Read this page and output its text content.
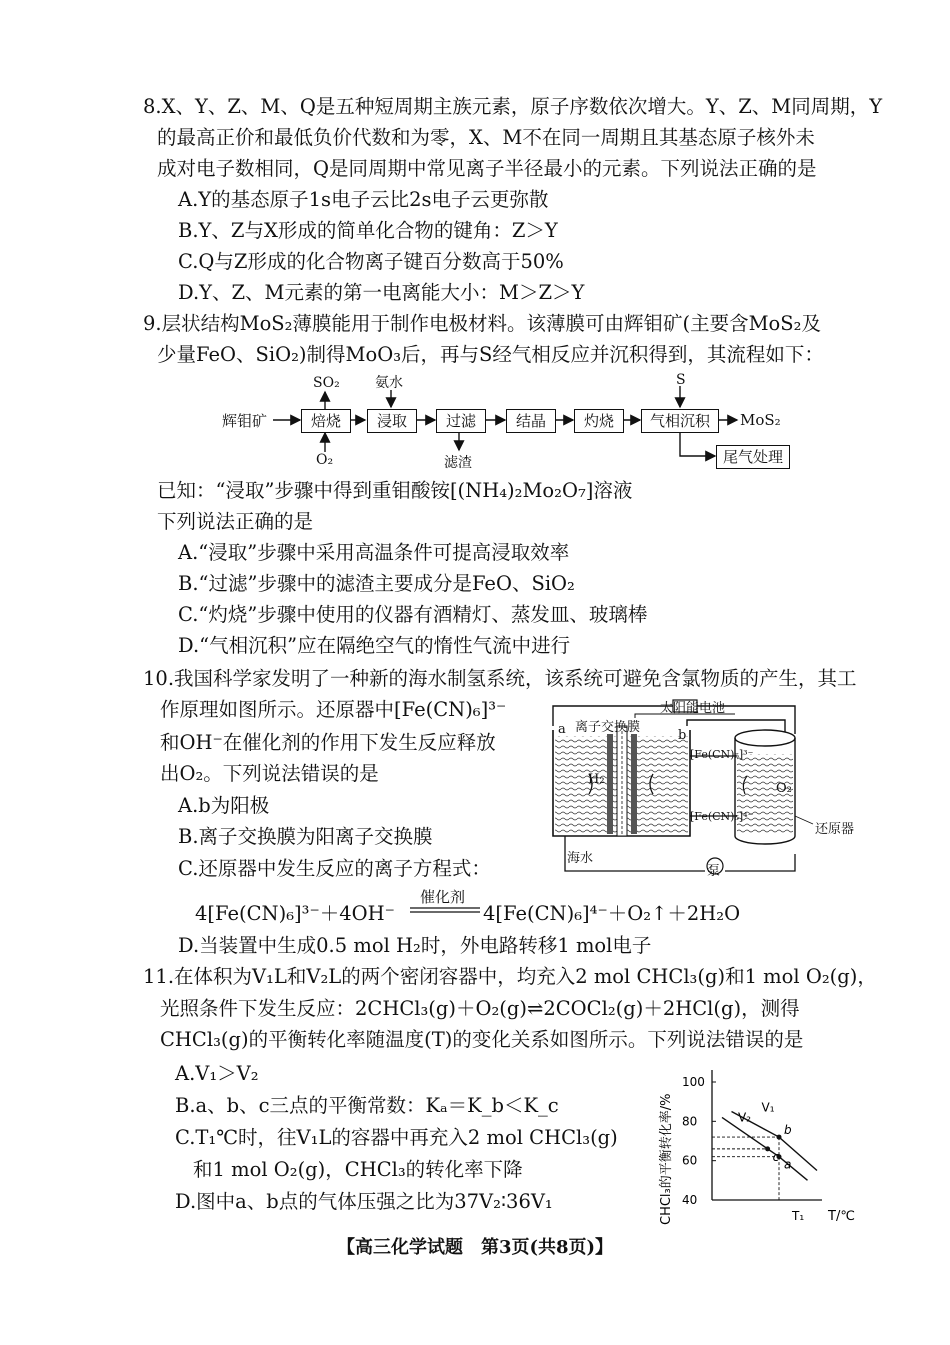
8.X、Y、Z、M、Q是五种短周期主族元素，原子序数依次增大。Y、Z、M同周期，Y
的最高正价和最低负价代数和为零，X、M不在同一周期且其基态原子核外未
成对电子数相同，Q是同周期中常见离子半径最小的元素。下列说法正确的是
A.Y的基态原子1s电子云比2s电子云更弥散
B.Y、Z与X形成的简单化合物的键角：Z＞Y
C.Q与Z形成的化合物离子键百分数高于50%
D.Y、Z、M元素的第一电离能大小：M＞Z＞Y
9.层状结构MoS₂薄膜能用于制作电极材料。该薄膜可由辉钼矿(主要含MoS₂及
少量FeO、SiO₂)制得MoO₃后，再与S经气相反应并沉积得到，其流程如下：
辉钼矿	焙烧	浸取	过滤	结晶	灼烧	气相沉积	MoS₂
尾气处理
SO₂
O₂
氨水
滤渣
S
已知：“浸取”步骤中得到重钼酸铵[(NH₄)₂Mo₂O₇]溶液
下列说法正确的是
A.“浸取”步骤中采用高温条件可提高浸取效率
B.“过滤”步骤中的滤渣主要成分是FeO、SiO₂
C.“灼烧”步骤中使用的仪器有酒精灯、蒸发皿、玻璃棒
D.“气相沉积”应在隔绝空气的惰性气流中进行
10.我国科学家发明了一种新的海水制氢系统，该系统可避免含氯物质的产生，其工
作原理如图所示。还原器中[Fe(CN)₆]³⁻
和OH⁻在催化剂的作用下发生反应释放
出O₂。下列说法错误的是
A.b为阳极
B.离子交换膜为阳离子交换膜
C.还原器中发生反应的离子方程式：
4[Fe(CN)₆]³⁻＋4OH⁻
催化剂
4[Fe(CN)₆]⁴⁻＋O₂↑＋2H₂O
D.当装置中生成0.5 mol H₂时，外电路转移1 mol电子
太阳能电池
离子交换膜
a	b
H₂
[Fe(CN)₆]³⁻
[Fe(CN)₆]⁴⁻
O₂
还原器
海水
泵
11.在体积为V₁L和V₂L的两个密闭容器中，均充入2 mol CHCl₃(g)和1 mol O₂(g)，
光照条件下发生反应：2CHCl₃(g)＋O₂(g)⇌2COCl₂(g)＋2HCl(g)，测得
CHCl₃(g)的平衡转化率随温度(T)的变化关系如图所示。下列说法错误的是
A.V₁＞V₂
B.a、b、c三点的平衡常数：Kₐ＝K_b＜K_c
C.T₁℃时，往V₁L的容器中再充入2 mol CHCl₃(g)
和1 mol O₂(g)，CHCl₃的转化率下降
D.图中a、b点的气体压强之比为37V₂∶36V₁	CHCl₃的平衡转化率/%
100
80
60
40
V₁
V₂
a
b
c
T₁ T/℃
【高三化学试题　第3页(共8页)】
